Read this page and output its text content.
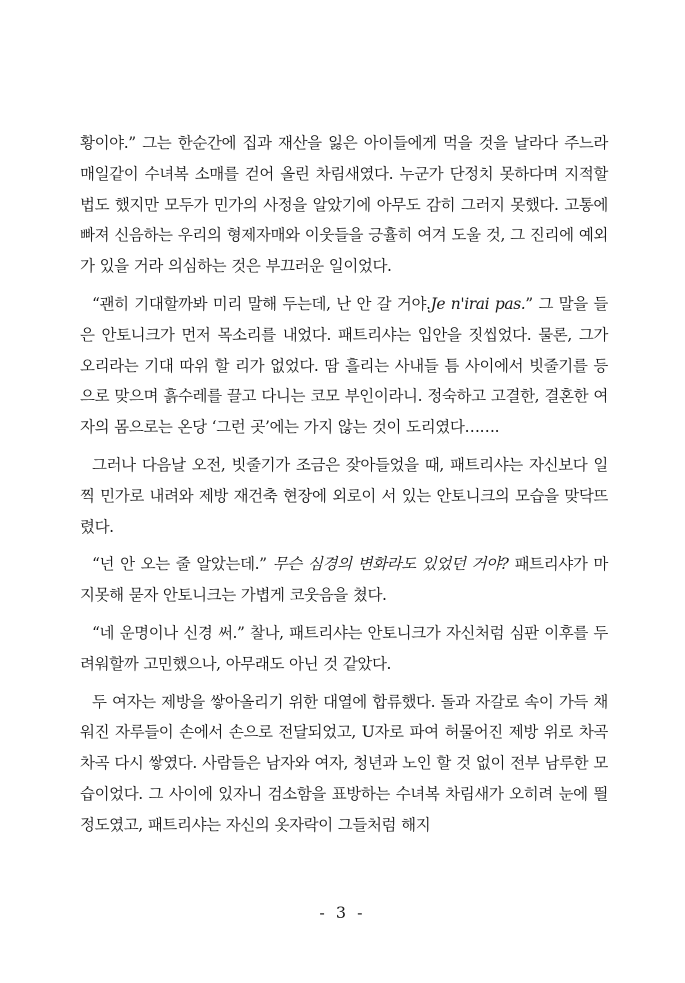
황이야.” 그는 한순간에 집과 재산을 잃은 아이들에게 먹을 것을 날라다 주느라 매일같이 수녀복 소매를 걷어 올린 차림새였다. 누군가 단정치 못하다며 지적할 법도 했지만 모두가 민가의 사정을 알았기에 아무도 감히 그러지 못했다. 고통에 빠져 신음하는 우리의 형제자매와 이웃들을 긍휼히 여겨 도울 것, 그 진리에 예외가 있을 거라 의심하는 것은 부끄러운 일이었다.

“괜히 기대할까봐 미리 말해 두는데, 난 안 갈 거야.Je n'irai pas.” 그 말을 들은 안토니크가 먼저 목소리를 내었다. 패트리샤는 입안을 짓씹었다. 물론, 그가 오리라는 기대 따위 할 리가 없었다. 땀 흘리는 사내들 틈 사이에서 빗줄기를 등으로 맞으며 흙수레를 끌고 다니는 코모 부인이라니. 정숙하고 고결한, 결혼한 여자의 몸으로는 온당 ‘그런 곳’에는 가지 않는 것이 도리였다…….

그러나 다음날 오전, 빗줄기가 조금은 잦아들었을 때, 패트리샤는 자신보다 일찍 민가로 내려와 제방 재건축 현장에 외로이 서 있는 안토니크의 모습을 맞닥뜨렸다.

“넌 안 오는 줄 알았는데.” 무슨 심경의 변화라도 있었던 거야? 패트리샤가 마지못해 묻자 안토니크는 가볍게 코웃음을 쳤다.

“네 운명이나 신경 써.” 찰나, 패트리샤는 안토니크가 자신처럼 심판 이후를 두려워할까 고민했으나, 아무래도 아닌 것 같았다.

두 여자는 제방을 쌓아올리기 위한 대열에 합류했다. 돌과 자갈로 속이 가득 채워진 자루들이 손에서 손으로 전달되었고, U자로 파여 허물어진 제방 위로 차곡차곡 다시 쌓였다. 사람들은 남자와 여자, 청년과 노인 할 것 없이 전부 남루한 모습이었다. 그 사이에 있자니 검소함을 표방하는 수녀복 차림새가 오히려 눈에 띌 정도였고, 패트리샤는 자신의 옷자락이 그들처럼 해지

- 3 -
